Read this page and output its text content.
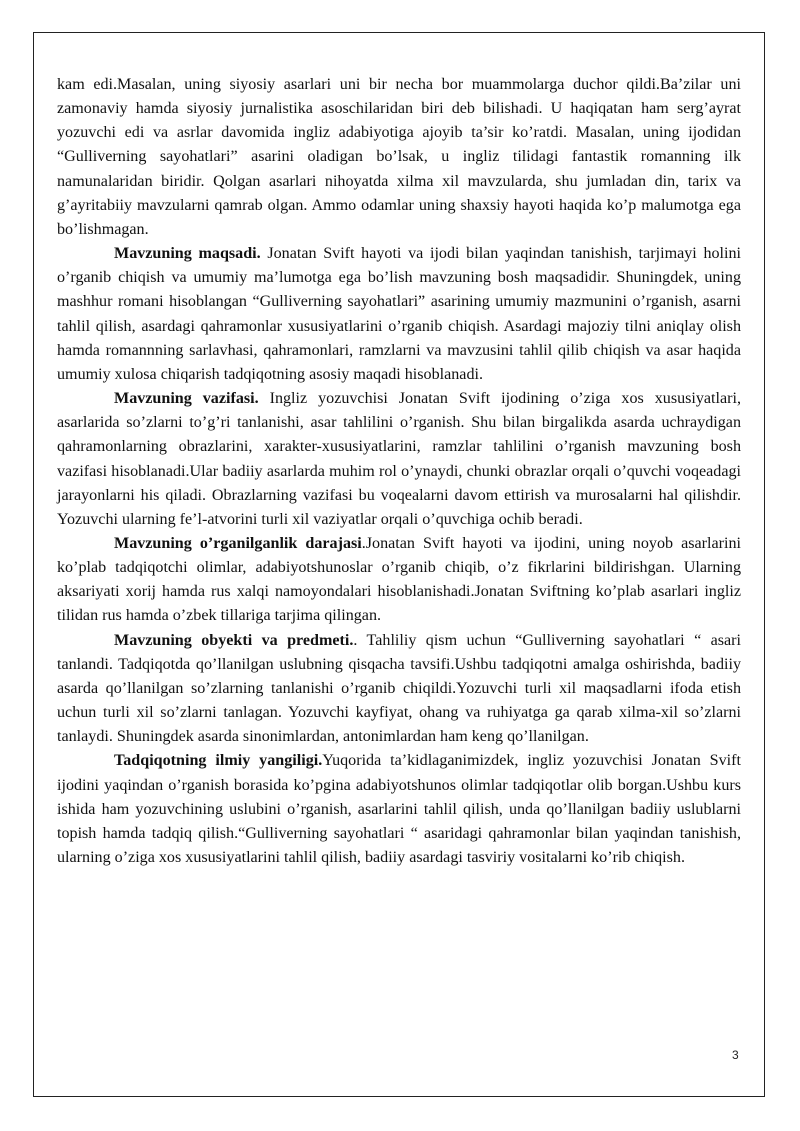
kam edi.Masalan, uning siyosiy asarlari uni bir necha bor muammolarga duchor qildi.Ba’zilar uni zamonaviy hamda siyosiy jurnalistika asoschilaridan biri deb bilishadi. U haqiqatan ham serg’ayrat yozuvchi edi va asrlar davomida ingliz adabiyotiga ajoyib ta’sir ko’ratdi. Masalan, uning ijodidan “Gulliverning sayohatlari” asarini oladigan bo’lsak, u ingliz tilidagi fantastik romanning ilk namunalaridan biridir. Qolgan asarlari nihoyatda xilma xil mavzularda, shu jumladan din, tarix va g’ayritabiiy mavzularni qamrab olgan. Ammo odamlar uning shaxsiy hayoti haqida ko’p malumotga ega bo’lishmagan.

Mavzuning maqsadi. Jonatan Svift hayoti va ijodi bilan yaqindan tanishish, tarjimayi holini o’rganib chiqish va umumiy ma’lumotga ega bo’lish mavzuning bosh maqsadidir. Shuningdek, uning mashhur romani hisoblangan “Gulliverning sayohatlari” asarining umumiy mazmunini o’rganish, asarni tahlil qilish, asardagi qahramonlar xususiyatlarini o’rganib chiqish. Asardagi majoziy tilni aniqlay olish hamda romannning sarlavhasi, qahramonlari, ramzlarni va mavzusini tahlil qilib chiqish va asar haqida umumiy xulosa chiqarish tadqiqotning asosiy maqadi hisoblanadi.

Mavzuning vazifasi. Ingliz yozuvchisi Jonatan Svift ijodining o’ziga xos xususiyatlari, asarlarida so’zlarni to’g’ri tanlanishi, asar tahlilini o’rganish. Shu bilan birgalikda asarda uchraydigan qahramonlarning obrazlarini, xarakter-xususiyatlarini, ramzlar tahlilini o’rganish mavzuning bosh vazifasi hisoblanadi.Ular badiiy asarlarda muhim rol o’ynaydi, chunki obrazlar orqali o’quvchi voqeadagi jarayonlarni his qiladi. Obrazlarning vazifasi bu voqealarni davom ettirish va murosalarni hal qilishdir. Yozuvchi ularning fe’l-atvorini turli xil vaziyatlar orqali o’quvchiga ochib beradi.

Mavzuning o’rganilganlik darajasi.Jonatan Svift hayoti va ijodini, uning noyob asarlarini ko’plab tadqiqotchi olimlar, adabiyotshunoslar o’rganib chiqib, o’z fikrlarini bildirishgan. Ularning aksariyati xorij hamda rus xalqi namoyondalari hisoblanishadi.Jonatan Sviftning ko’plab asarlari ingliz tilidan rus hamda o’zbek tillariga tarjima qilingan.

Mavzuning obyekti va predmeti.. Tahliliy qism uchun “Gulliverning sayohatlari “ asari tanlandi. Tadqiqotda qo’llanilgan uslubning qisqacha tavsifi.Ushbu tadqiqotni amalga oshirishda, badiiy asarda qo’llanilgan so’zlarning tanlanishi o’rganib chiqildi.Yozuvchi turli xil maqsadlarni ifoda etish uchun turli xil so’zlarni tanlagan. Yozuvchi kayfiyat, ohang va ruhiyatga ga qarab xilma-xil so’zlarni tanlaydi. Shuningdek asarda sinonimlardan, antonimlardan ham keng qo’llanilgan.

Tadqiqotning ilmiy yangiligi.Yuqorida ta’kidlaganimizdek, ingliz yozuvchisi Jonatan Svift ijodini yaqindan o’rganish borasida ko’pgina adabiyotshunos olimlar tadqiqotlar olib borgan.Ushbu kurs ishida ham yozuvchining uslubini o’rganish, asarlarini tahlil qilish, unda qo’llanilgan badiiy uslublarni topish hamda tadqiq qilish.“Gulliverning sayohatlari “ asaridagi qahramonlar bilan yaqindan tanishish, ularning o’ziga xos xususiyatlarini tahlil qilish, badiiy asardagi tasviriy vositalarni ko’rib chiqish.

3
